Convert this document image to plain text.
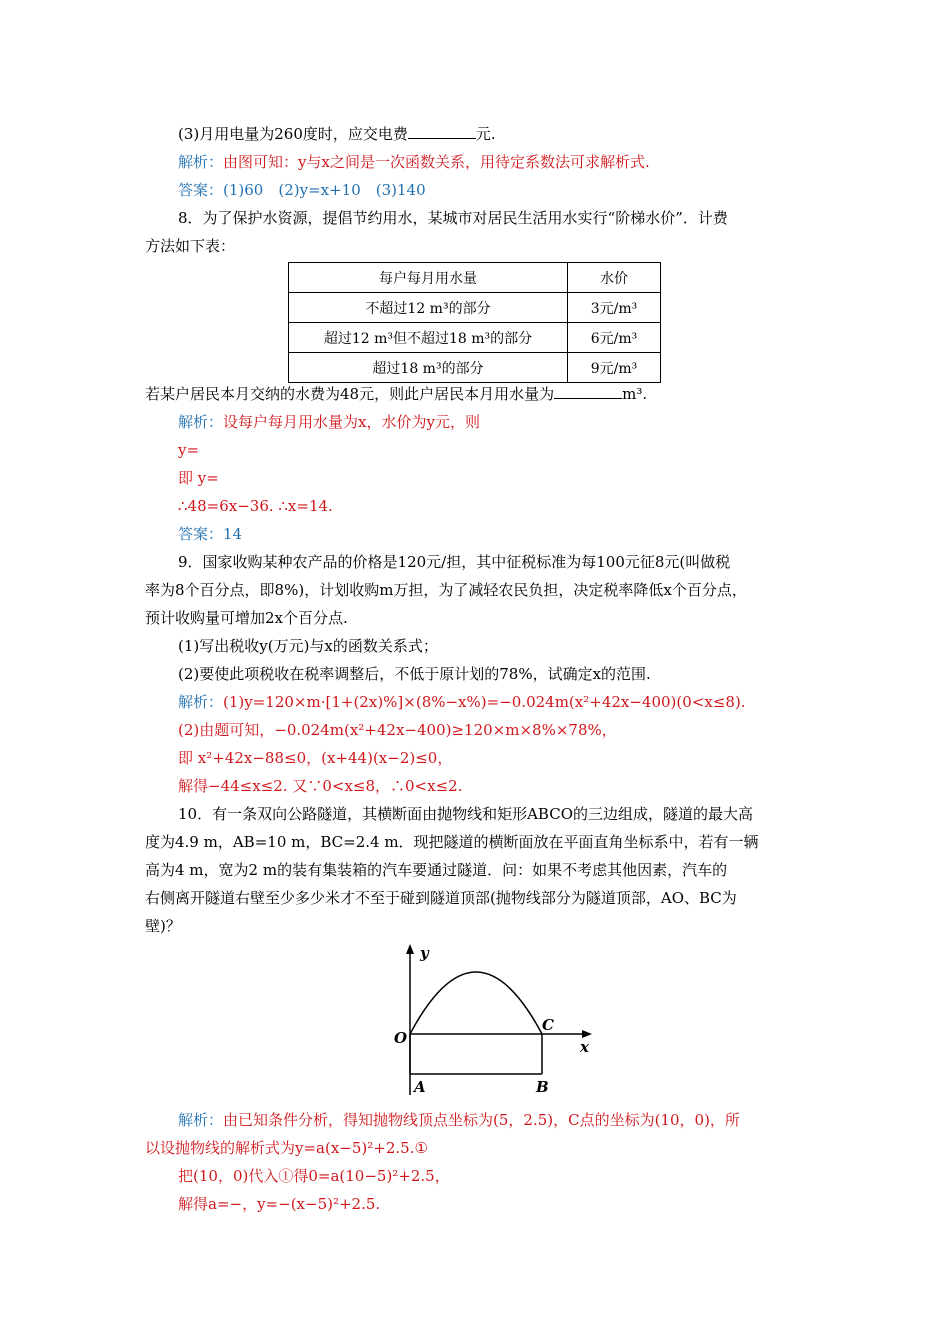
(3)月用电量为260度时，应交电费	元.
解析：由图可知：y与x之间是一次函数关系，用待定系数法可求解析式.
答案：(1)60　(2)y=x+10　(3)140
8．为了保护水资源，提倡节约用水，某城市对居民生活用水实行“阶梯水价”．计费
方法如下表：
每户每月用水量	水价
不超过12 m³的部分	3元/m³
超过12 m³但不超过18 m³的部分	6元/m³
超过18 m³的部分	9元/m³
若某户居民本月交纳的水费为48元，则此户居民本月用水量为	m³.
解析：设每户每月用水量为x，水价为y元，则
y=
即 y=
∴48=6x−36. ∴x=14.
答案：14
9．国家收购某种农产品的价格是120元/担，其中征税标准为每100元征8元(叫做税
率为8个百分点，即8%)，计划收购m万担，为了减轻农民负担，决定税率降低x个百分点，
预计收购量可增加2x个百分点.
(1)写出税收y(万元)与x的函数关系式；
(2)要使此项税收在税率调整后，不低于原计划的78%，试确定x的范围.
解析：(1)y=120×m·[1+(2x)%]×(8%−x%)=−0.024m(x²+42x−400)(0<x≤8).
(2)由题可知，−0.024m(x²+42x−400)≥120×m×8%×78%，
即 x²+42x−88≤0，(x+44)(x−2)≤0，
解得−44≤x≤2. 又∵0<x≤8，∴0<x≤2.
10．有一条双向公路隧道，其横断面由抛物线和矩形ABCO的三边组成，隧道的最大高
度为4.9 m，AB=10 m，BC=2.4 m．现把隧道的横断面放在平面直角坐标系中，若有一辆
高为4 m，宽为2 m的装有集装箱的汽车要通过隧道．问：如果不考虑其他因素，汽车的
右侧离开隧道右壁至少多少米才不至于碰到隧道顶部(抛物线部分为隧道顶部，AO、BC为
壁)？
y
x
O
C
A	B
解析：由已知条件分析，得知抛物线顶点坐标为(5，2.5)，C点的坐标为(10，0)，所
以设抛物线的解析式为y=a(x−5)²+2.5.①
把(10，0)代入①得0=a(10−5)²+2.5，
解得a=−，y=−(x−5)²+2.5.
